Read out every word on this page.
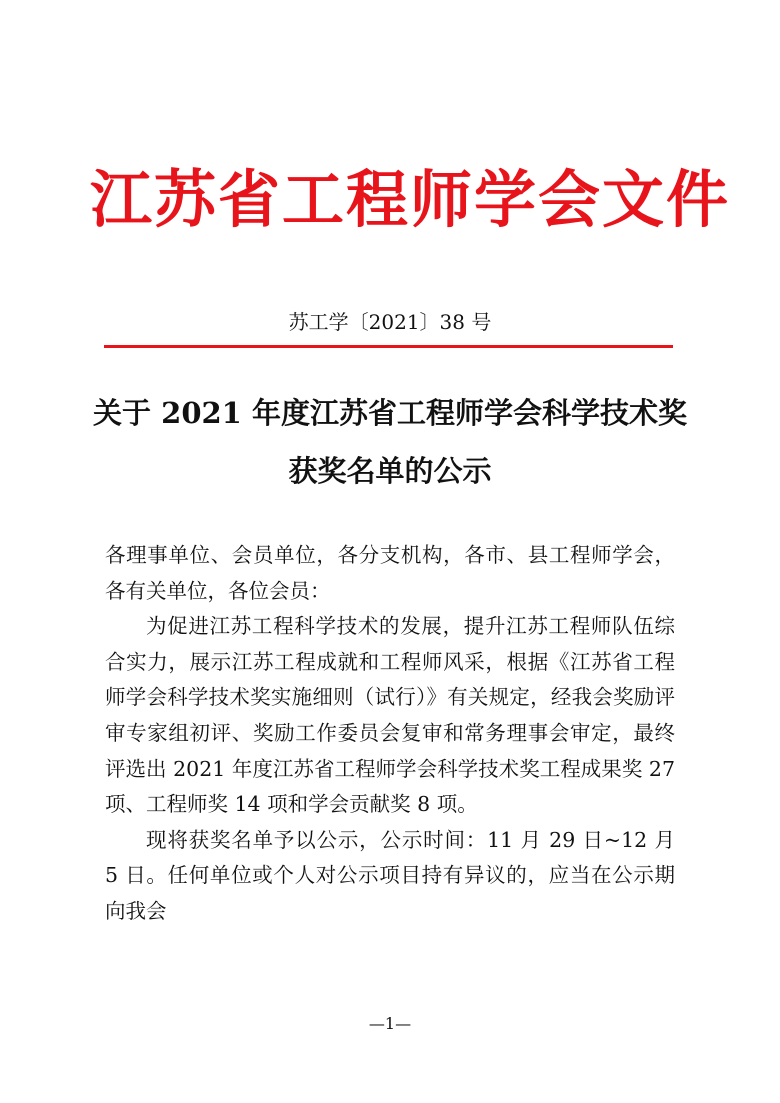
江苏省工程师学会文件
苏工学〔2021〕38 号
关于 2021 年度江苏省工程师学会科学技术奖
获奖名单的公示

各理事单位、会员单位，各分支机构，各市、县工程师学会，各有关单位，各位会员：

为促进江苏工程科学技术的发展，提升江苏工程师队伍综合实力，展示江苏工程成就和工程师风采，根据《江苏省工程师学会科学技术奖实施细则（试行）》有关规定，经我会奖励评审专家组初评、奖励工作委员会复审和常务理事会审定，最终评选出 2021 年度江苏省工程师学会科学技术奖工程成果奖 27 项、工程师奖 14 项和学会贡献奖 8 项。

现将获奖名单予以公示，公示时间：11 月 29 日~12 月 5 日。任何单位或个人对公示项目持有异议的，应当在公示期向我会

—1—
